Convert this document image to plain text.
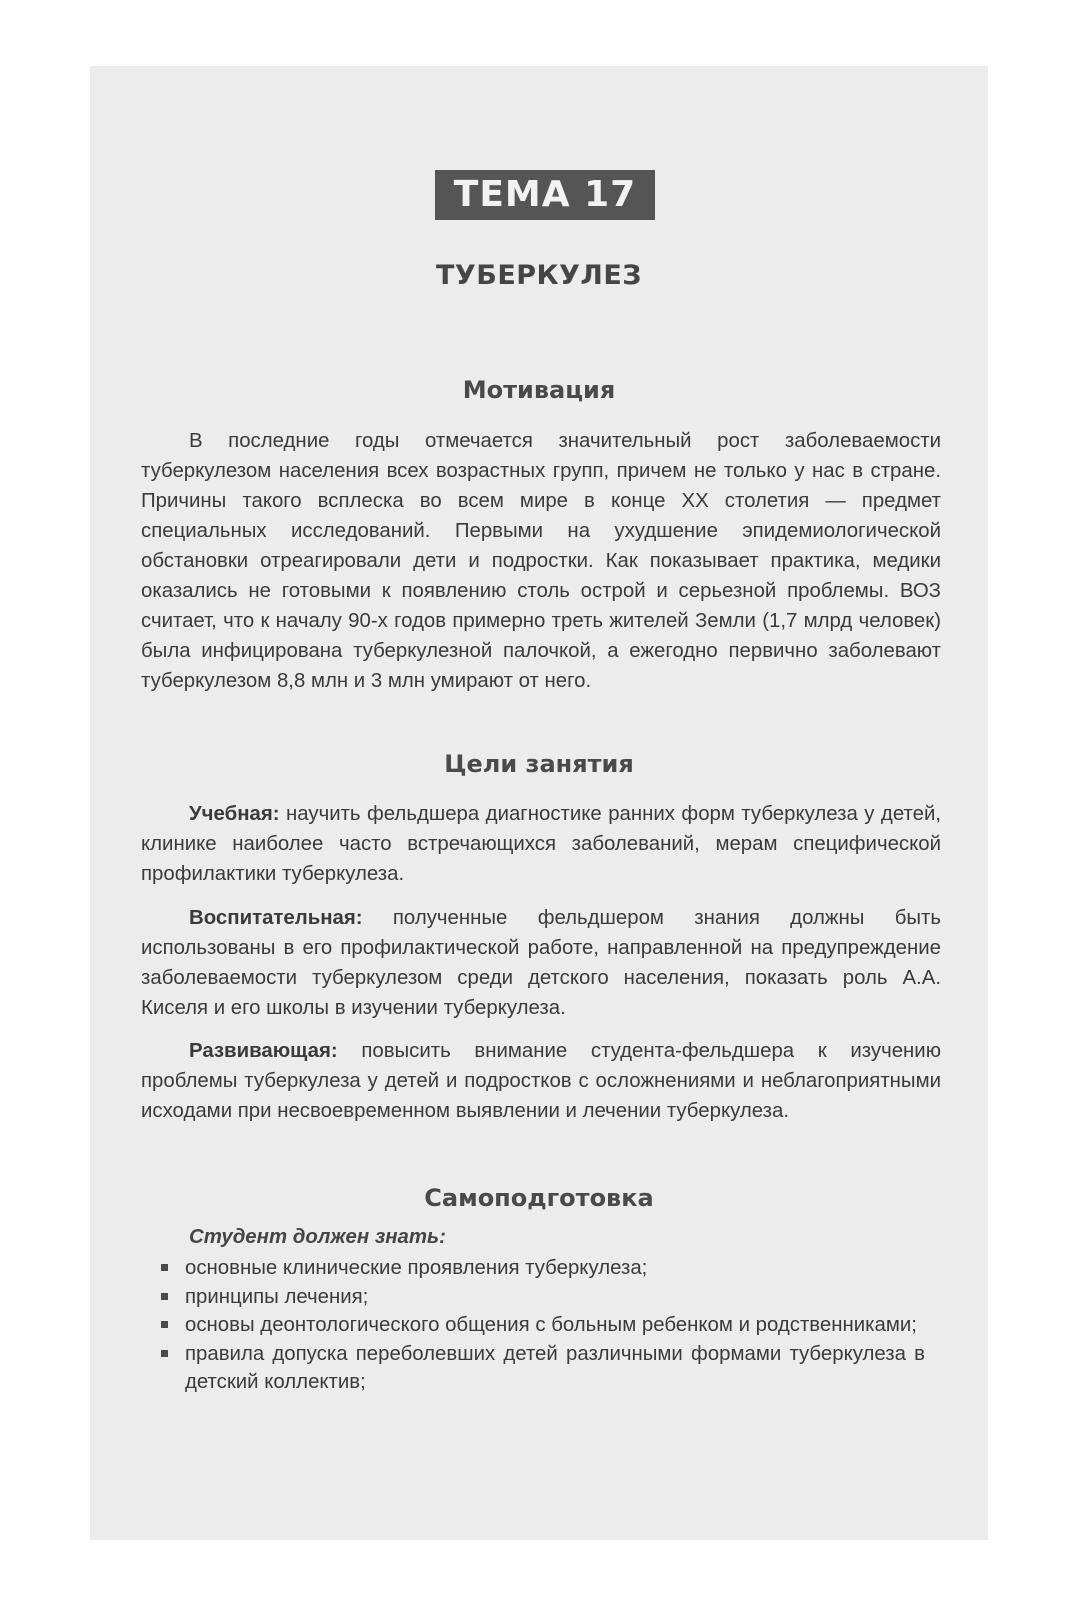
ТЕМА 17
ТУБЕРКУЛЕЗ
Мотивация

В последние годы отмечается значительный рост заболеваемости туберкулезом населения всех возрастных групп, причем не только у нас в стране. Причины такого всплеска во всем мире в конце XX столетия — предмет специальных исследований. Первыми на ухудшение эпидемиологической обстановки отреагировали дети и подростки. Как показывает практика, медики оказались не готовыми к появлению столь острой и серьезной проблемы. ВОЗ считает, что к началу 90-х годов примерно треть жителей Земли (1,7 млрд человек) была инфицирована туберкулезной палочкой, а ежегодно первично заболевают туберкулезом 8,8 млн и 3 млн умирают от него.

Цели занятия

Учебная: научить фельдшера диагностике ранних форм туберкулеза у детей, клинике наиболее часто встречающихся заболеваний, мерам специфической профилактики туберкулеза.

Воспитательная: полученные фельдшером знания должны быть использованы в его профилактической работе, направленной на предупреждение заболеваемости туберкулезом среди детского населения, показать роль А.А. Киселя и его школы в изучении туберкулеза.

Развивающая: повысить внимание студента-фельдшера к изучению проблемы туберкулеза у детей и подростков с осложнениями и неблагоприятными исходами при несвоевременном выявлении и лечении туберкулеза.

Самоподготовка
Студент должен знать:
основные клинические проявления туберкулеза;
принципы лечения;
основы деонтологического общения с больным ребенком и родственниками;
правила допуска переболевших детей различными формами туберкулеза в детский коллектив;
